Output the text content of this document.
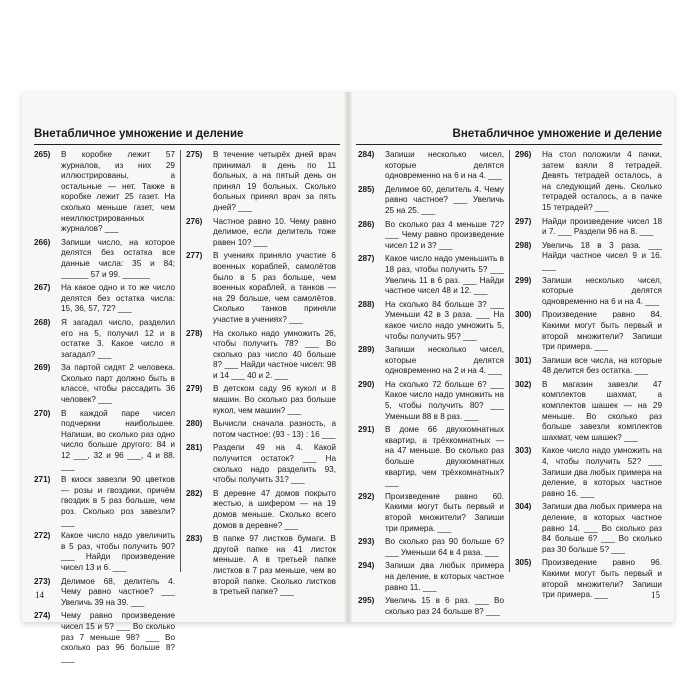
Внетабличное умножение и деление
265)	В коробке лежит 57 журналов, из них 29 иллюстрированы, а остальные — нет. Также в коробке лежит 25 газет. На сколько меньше газет, чем неиллюстрированных журналов? ___
266)	Запиши число, на которое делятся без остатка все данные числа: 35 и 84; ______ 57 и 99. ______
267)	На какое одно и то же число делятся без остатка числа: 15, 36, 57, 72? ___
268)	Я загадал число, разделил его на 5, получил 12 и в остатке 3. Какое число я загадал? ___
269)	За партой сидят 2 человека. Сколько парт должно быть в классе, чтобы рассадить 36 человек? ___
270)	В каждой паре чисел подчеркни наибольшее. Напиши, во сколько раз одно число больше другого: 84 и 12 ___, 32 и 96 ___, 4 и 88. ___
271)	В киоск завезли 90 цветков — розы и гвоздики, причём гвоздик в 5 раз больше, чем роз. Сколько роз завезли? ___
272)	Какое число надо увеличить в 5 раз, чтобы получить 90? ___ Найди произведение чисел 13 и 6. ___
273)	Делимое 68, делитель 4. Чему равно частное? ___ Увеличь 39 на 39. ___
274)	Чему равно произведение чисел 15 и 5? ___ Во сколько раз 7 меньше 98? ___ Во сколько раз 96 больше 8? ___
275)	В течение четырёх дней врач принимал в день по 11 больных, а на пятый день он принял 19 больных. Сколько больных принял врач за пять дней? ___
276)	Частное равно 10. Чему равно делимое, если делитель тоже равен 10? ___
277)	В учениях приняло участие 6 военных кораблей, самолётов было в 5 раз больше, чем военных кораблей, а танков — на 29 больше, чем самолётов. Сколько танков приняли участие в учениях? ___
278)	На сколько надо умножить 26, чтобы получить 78? ___ Во сколько раз число 40 больше 8? ___ Найди частное чисел: 98 и 14 ___ 40 и 2. ___
279)	В детском саду 96 кукол и 8 машин. Во сколько раз больше кукол, чем машин? ___
280)	Вычисли сначала разность, а потом частное: (93 - 13) : 16 ___
281)	Раздели 49 на 4. Какой получится остаток? ___ На сколько надо разделить 93, чтобы получить 31? ___
282)	В деревне 47 домов покрыто жестью, а шифером — на 19 домов меньше. Сколько всего домов в деревне? ___
283)	В папке 97 листков бумаги. В другой папке на 41 листок меньше. А в третьей папке листков в 7 раз меньше, чем во второй папке. Сколько листков в третьей папке? ___
14
Внетабличное умножение и деление
284)	Запиши несколько чисел, которые делятся одновременно на 6 и на 4. ___
285)	Делимое 60, делитель 4. Чему равно частное? ___ Увеличь 25 на 25. ___
286)	Во сколько раз 4 меньше 72? ___ Чему равно произведение чисел 12 и 3? ___
287)	Какое число надо уменьшить в 18 раз, чтобы получить 5? ___ Увеличь 11 в 6 раз. ___ Найди частное чисел 48 и 12. ___
288)	На сколько 84 больше 3? ___ Уменьши 42 в 3 раза. ___ На какое число надо умножить 5, чтобы получить 95? ___
289)	Запиши несколько чисел, которые делятся одновременно на 2 и на 4. ___
290)	На сколько 72 больше 6? ___ Какое число надо умножить на 5, чтобы получить 80? ___ Уменьши 88 в 8 раз. ___
291)	В доме 66 двухкомнатных квартир, а трёхкомнатных — на 47 меньше. Во сколько раз больше двухкомнатных квартир, чем трёхкомнатных? ___
292)	Произведение равно 60. Какими могут быть первый и второй множители? Запиши три примера. ___
293)	Во сколько раз 90 больше 6? ___ Уменьши 64 в 4 раза. ___
294)	Запиши два любых примера на деление, в которых частное равно 11. ___
295)	Увеличь 15 в 6 раз. ___ Во сколько раз 24 больше 8? ___
296)	На стол положили 4 пачки, затем взяли 8 тетрадей. Девять тетрадей осталось, а на следующий день. Сколько тетрадей осталось, а в пачке 15 тетрадей? ___
297)	Найди произведение чисел 18 и 7. ___ Раздели 96 на 8. ___
298)	Увеличь 18 в 3 раза. ___ Найди частное чисел 9 и 16. ___
299)	Запиши несколько чисел, которые делятся одновременно на 6 и на 4. ___
300)	Произведение равно 84. Какими могут быть первый и второй множители? Запиши три примера. ___
301)	Запиши все числа, на которые 48 делится без остатка. ___
302)	В магазин завезли 47 комплектов шахмат, а комплектов шашек — на 29 меньше. Во сколько раз больше завезли комплектов шахмат, чем шашек? ___
303)	Какое число надо умножить на 4, чтобы получить 52? ___ Запиши два любых примера на деление, в которых частное равно 16. ___
304)	Запиши два любых примера на деление, в которых частное равно 14. ___ Во сколько раз 84 больше 6? ___ Во сколько раз 30 больше 5? ___
305)	Произведение равно 96. Какими могут быть первый и второй множители? Запиши три примера. ___	15
